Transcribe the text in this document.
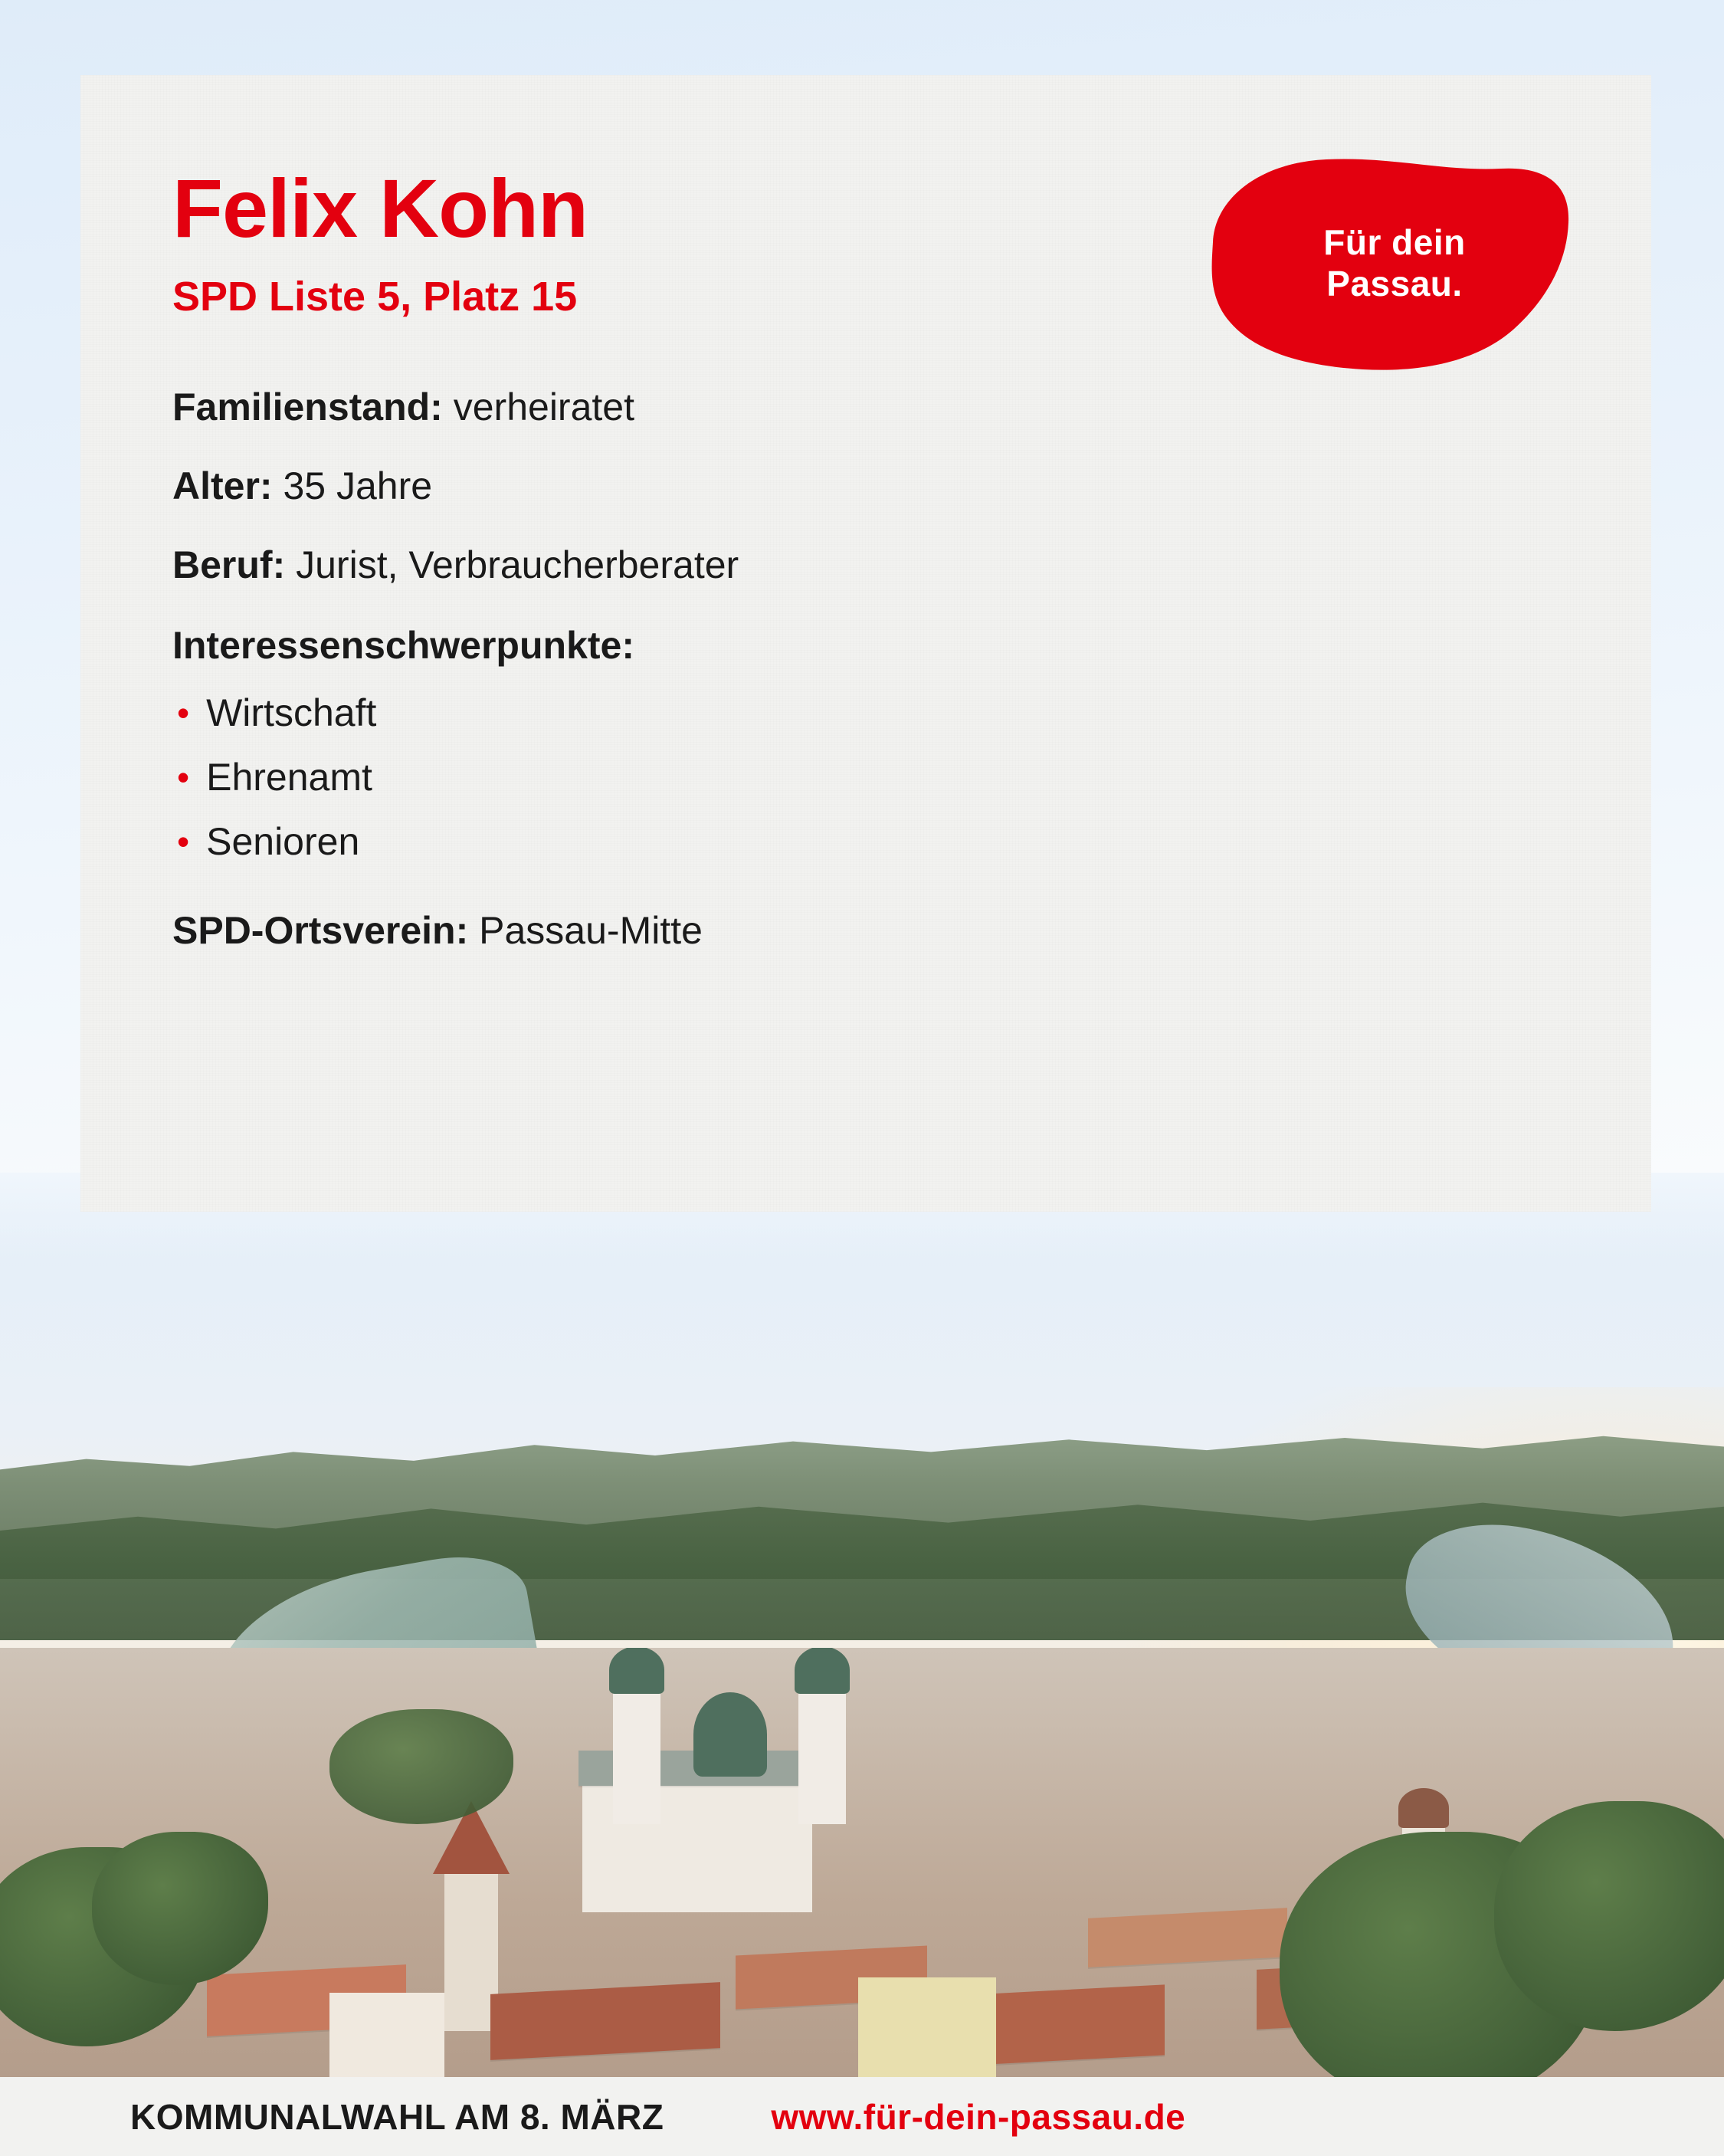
Für dein
Passau.
Felix Kohn
SPD Liste 5, Platz 15
Familienstand: verheiratet
Alter: 35 Jahre
Beruf: Jurist, Verbraucherberater
Interessenschwerpunkte:
• Wirtschaft
• Ehrenamt
• Senioren
SPD-Ortsverein: Passau-Mitte
KOMMUNALWAHL AM 8. MÄRZ	www.für-dein-passau.de
